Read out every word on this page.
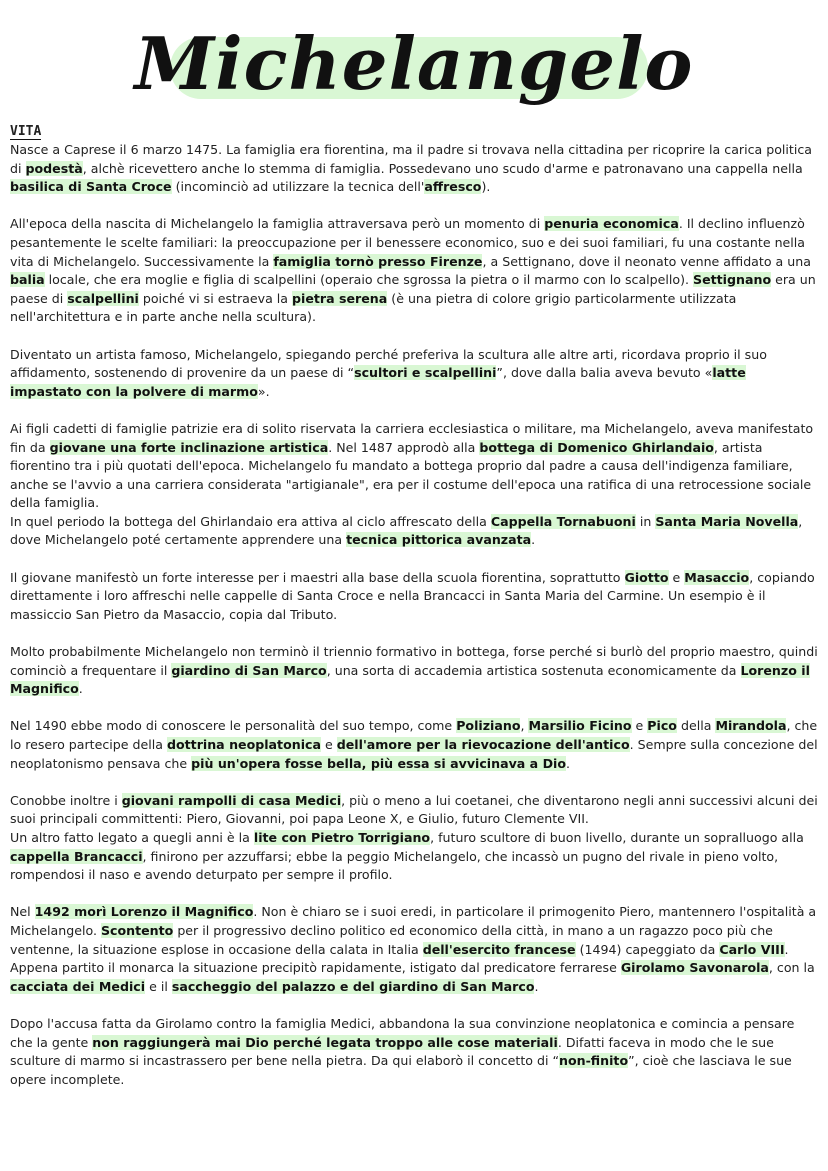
Michelangelo
VITA

Nasce a Caprese il 6 marzo 1475. La famiglia era fiorentina, ma il padre si trovava nella cittadina per ricoprire la carica politica di podestà, alchè ricevettero anche lo stemma di famiglia. Possedevano uno scudo d'arme e patronavano una cappella nella basilica di Santa Croce (incominciò ad utilizzare la tecnica dell'affresco).

All'epoca della nascita di Michelangelo la famiglia attraversava però un momento di penuria economica. Il declino influenzò pesantemente le scelte familiari: la preoccupazione per il benessere economico, suo e dei suoi familiari, fu una costante nella vita di Michelangelo. Successivamente la famiglia tornò presso Firenze, a Settignano, dove il neonato venne affidato a una balia locale, che era moglie e figlia di scalpellini (operaio che sgrossa la pietra o il marmo con lo scalpello). Settignano era un paese di scalpellini poiché vi si estraeva la pietra serena (è una pietra di colore grigio particolarmente utilizzata nell'architettura e in parte anche nella scultura).

Diventato un artista famoso, Michelangelo, spiegando perché preferiva la scultura alle altre arti, ricordava proprio il suo affidamento, sostenendo di provenire da un paese di “scultori e scalpellini”, dove dalla balia aveva bevuto «latte impastato con la polvere di marmo».

Ai figli cadetti di famiglie patrizie era di solito riservata la carriera ecclesiastica o militare, ma Michelangelo, aveva manifestato fin da giovane una forte inclinazione artistica. Nel 1487 approdò alla bottega di Domenico Ghirlandaio, artista fiorentino tra i più quotati dell'epoca. Michelangelo fu mandato a bottega proprio dal padre a causa dell'indigenza familiare, anche se l'avvio a una carriera considerata "artigianale", era per il costume dell'epoca una ratifica di una retrocessione sociale della famiglia.
In quel periodo la bottega del Ghirlandaio era attiva al ciclo affrescato della Cappella Tornabuoni in Santa Maria Novella, dove Michelangelo poté certamente apprendere una tecnica pittorica avanzata.

Il giovane manifestò un forte interesse per i maestri alla base della scuola fiorentina, soprattutto Giotto e Masaccio, copiando direttamente i loro affreschi nelle cappelle di Santa Croce e nella Brancacci in Santa Maria del Carmine. Un esempio è il massiccio San Pietro da Masaccio, copia dal Tributo.

Molto probabilmente Michelangelo non terminò il triennio formativo in bottega, forse perché si burlò del proprio maestro, quindi cominciò a frequentare il giardino di San Marco, una sorta di accademia artistica sostenuta economicamente da Lorenzo il Magnifico.

Nel 1490 ebbe modo di conoscere le personalità del suo tempo, come Poliziano, Marsilio Ficino e Pico della Mirandola, che lo resero partecipe della dottrina neoplatonica e dell'amore per la rievocazione dell'antico. Sempre sulla concezione del neoplatonismo pensava che più un'opera fosse bella, più essa si avvicinava a Dio.

Conobbe inoltre i giovani rampolli di casa Medici, più o meno a lui coetanei, che diventarono negli anni successivi alcuni dei suoi principali committenti: Piero, Giovanni, poi papa Leone X, e Giulio, futuro Clemente VII.
Un altro fatto legato a quegli anni è la lite con Pietro Torrigiano, futuro scultore di buon livello, durante un sopralluogo alla cappella Brancacci, finirono per azzuffarsi; ebbe la peggio Michelangelo, che incassò un pugno del rivale in pieno volto, rompendosi il naso e avendo deturpato per sempre il profilo.

Nel 1492 morì Lorenzo il Magnifico. Non è chiaro se i suoi eredi, in particolare il primogenito Piero, mantennero l'ospitalità a Michelangelo. Scontento per il progressivo declino politico ed economico della città, in mano a un ragazzo poco più che ventenne, la situazione esplose in occasione della calata in Italia dell'esercito francese (1494) capeggiato da Carlo VIII.
Appena partito il monarca la situazione precipitò rapidamente, istigato dal predicatore ferrarese Girolamo Savonarola, con la cacciata dei Medici e il saccheggio del palazzo e del giardino di San Marco.

Dopo l'accusa fatta da Girolamo contro la famiglia Medici, abbandona la sua convinzione neoplatonica e comincia a pensare che la gente non raggiungerà mai Dio perché legata troppo alle cose materiali. Difatti faceva in modo che le sue sculture di marmo si incastrassero per bene nella pietra. Da qui elaborò il concetto di “non-finito”, cioè che lasciava le sue opere incomplete.
